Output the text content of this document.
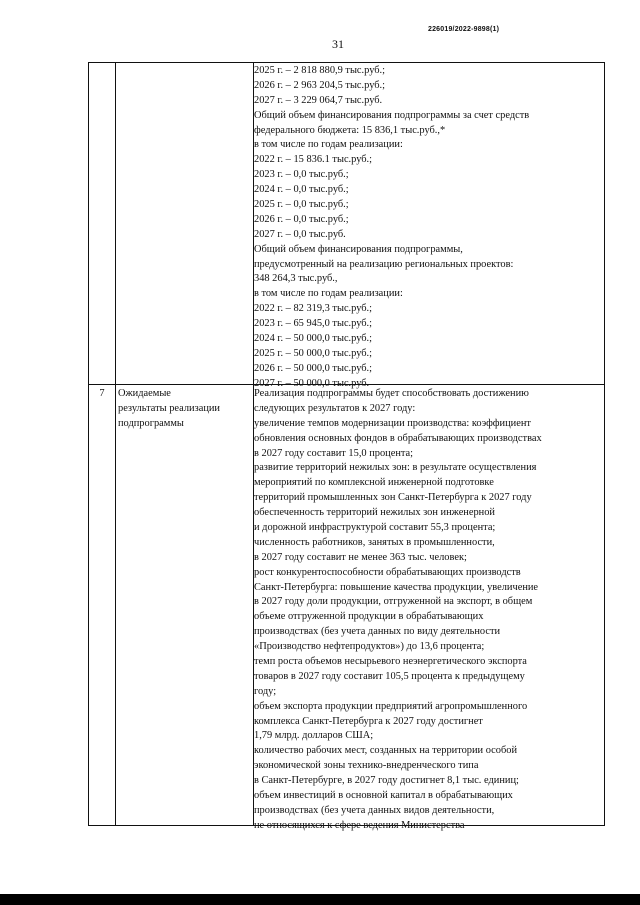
226019/2022-9898(1)
31
2025 г. – 2 818 880,9 тыс.руб.;
2026 г. – 2 963 204,5 тыс.руб.;
2027 г. – 3 229 064,7 тыс.руб.
Общий объем финансирования подпрограммы за счет средств
федерального бюджета: 15 836,1 тыс.руб.,*
в том числе по годам реализации:
2022 г. – 15 836.1 тыс.руб.;
2023 г. – 0,0 тыс.руб.;
2024 г. – 0,0 тыс.руб.;
2025 г. – 0,0 тыс.руб.;
2026 г. – 0,0 тыс.руб.;
2027 г. – 0,0 тыс.руб.
Общий объем финансирования подпрограммы,
предусмотренный на реализацию региональных проектов:
348 264,3 тыс.руб.,
в том числе по годам реализации:
2022 г. – 82 319,3 тыс.руб.;
2023 г. – 65 945,0 тыс.руб.;
2024 г. – 50 000,0 тыс.руб.;
2025 г. – 50 000,0 тыс.руб.;
2026 г. – 50 000,0 тыс.руб.;
2027 г. – 50 000,0 тыс.руб.
7	Ожидаемые
результаты реализации
подпрограммы
Реализация подпрограммы будет способствовать достижению
следующих результатов к 2027 году:
увеличение темпов модернизации производства: коэффициент
обновления основных фондов в обрабатывающих производствах
в 2027 году составит 15,0 процента;
развитие территорий нежилых зон: в результате осуществления
мероприятий по комплексной инженерной подготовке
территорий промышленных зон Санкт-Петербурга к 2027 году
обеспеченность территорий нежилых зон инженерной
и дорожной инфраструктурой составит 55,3 процента;
численность работников, занятых в промышленности,
в 2027 году составит не менее 363 тыс. человек;
рост конкурентоспособности обрабатывающих производств
Санкт-Петербурга: повышение качества продукции, увеличение
в 2027 году доли продукции, отгруженной на экспорт, в общем
объеме отгруженной продукции в обрабатывающих
производствах (без учета данных по виду деятельности
«Производство нефтепродуктов») до 13,6 процента;
темп роста объемов несырьевого неэнергетического экспорта
товаров в 2027 году составит 105,5 процента к предыдущему
году;
объем экспорта продукции предприятий агропромышленного
комплекса Санкт-Петербурга к 2027 году достигнет
1,79 млрд. долларов США;
количество рабочих мест, созданных на территории особой
экономической зоны технико-внедренческого типа
в Санкт-Петербурге, в 2027 году достигнет 8,1 тыс. единиц;
объем инвестиций в основной капитал в обрабатывающих
производствах (без учета данных видов деятельности,
не относящихся к сфере ведения Министерства
